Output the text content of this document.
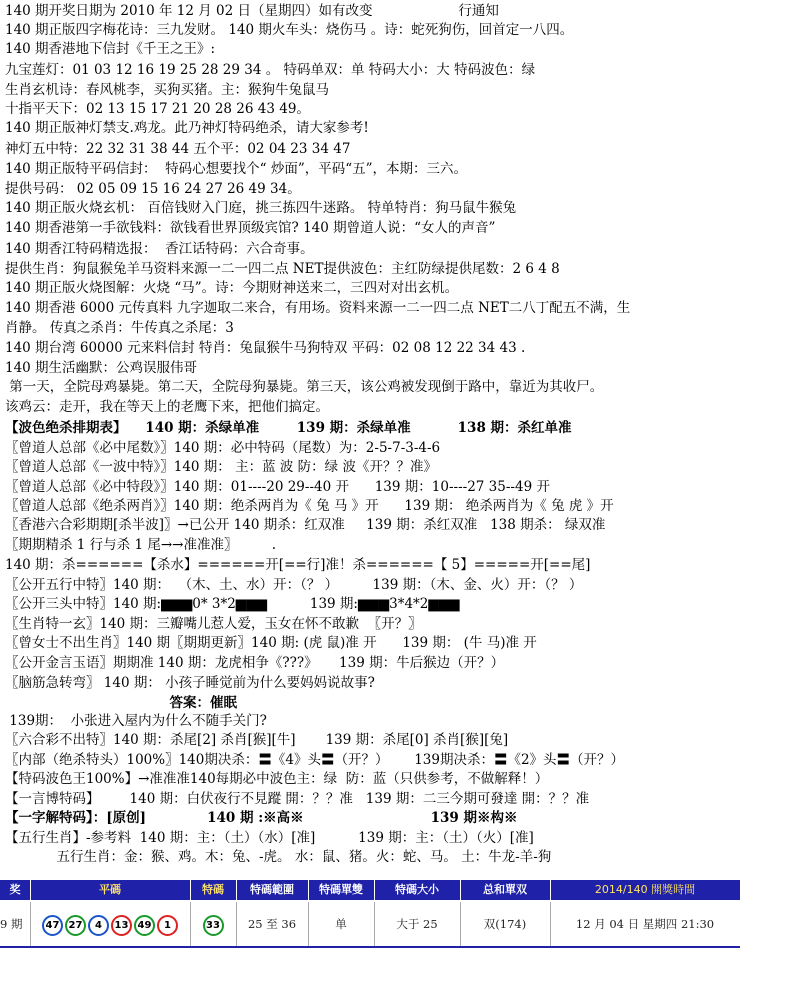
140 期开奖日期为 2010 年 12 月 02 日（星期四）如有改变                    行通知
140 期正版四字梅花诗：三九发财。 140 期火车头：烧伤马 。诗：蛇死狗伤，回首定一八四。
140 期香港地下信封《千王之王》:
九宝莲灯：01 03 12 16 19 25 28 29 34 。 特码单双：单 特码大小：大 特码波色：绿
生肖玄机诗：春风桃李，买狗买猪。主：猴狗牛兔鼠马
十指平天下：02 13 15 17 21 20 28 26 43 49。
140 期正版神灯禁支.鸡龙。此乃神灯特码绝杀，请大家参考!
神灯五中特：22 32 31 38 44 五个平：02 04 23 34 47
140 期正版特平码信封：  特码心想要找个“ 炒面”，平码“五”，本期：三六。
提供号码： 02 05 09 15 16 24 27 26 49 34。
140 期正版火烧玄机： 百倍钱财入门庭，挑三拣四牛迷路。 特单特肖：狗马鼠牛猴兔
140 期香港第一手欲钱料：欲钱看世界顶级宾馆? 140 期曾道人说：“女人的声音”
140 期香江特码精选报：  香江话特码：六合奇事。
提供生肖：狗鼠猴兔羊马资料来源一二一四二点 NET提供波色：主红防绿提供尾数：2 6 4 8
140 期正版火烧图解：火烧 “马”。诗：今期财神送来二，三四对对出玄机。
140 期香港 6000 元传真料 九字迦取二来合，有用场。资料来源一二一四二点 NET二八丁配五不满，生
肖静。 传真之杀肖：牛传真之杀尾：3
140 期台湾 60000 元来料信封 特肖：兔鼠猴牛马狗特双 平码：02 08 12 22 34 43 .
140 期生活幽默：公鸡误服伟哥
第一天，全院母鸡暴毙。第二天，全院母狗暴毙。第三天，该公鸡被发现倒于路中，靠近为其收尸。
该鸡云：走开，我在等天上的老鹰下来，把他们搞定。
【波色绝杀排期表】    140 期：杀绿单准        139 期：杀绿单准          138 期：杀红单准
〖曾道人总部《必中尾数》〗140 期：必中特码（尾数）为：2-5-7-3-4-6
〖曾道人总部《一波中特》〗140 期： 主：蓝 波 防：绿 波《开？？准》
〖曾道人总部《必中特段》〗140 期：01----20 29--40 开      139 期：10----27 35--49 开
〖曾道人总部《绝杀两肖》〗140 期：绝杀两肖为《 兔 马 》开      139 期： 绝杀两肖为《 兔 虎 》开
〖香港六合彩期期[杀半波]〗→已公开 140 期杀：红双准     139 期：杀红双准   138 期杀： 绿双准
〖期期精杀 1 行与杀 1 尾→→准准准〗        .
140 期：杀======【杀水】======开[==行]准！杀======【 5】=====开[==尾]
〖公开五行中特〗140 期：  （木、土、水）开：（？ ）        139 期：（木、金、火）开：（？ ）
〖公开三头中特〗140 期:▆▆▆0* 3*2▆▆▆          139 期:▆▆▆3*4*2▆▆▆
〖生肖特一玄〗140 期：三瓣嘴儿惹人爱，玉女在怀不敢歉  〖开？〗
〖曾女士不出生肖〗140 期〖期期更新〗140 期: (虎 鼠)准 开      139 期： (牛 马)准 开
〖公开金言玉语〗期期准 140 期：龙虎相争《???》     139 期：牛后猴边（开？）
〖脑筋急转弯〗 140 期： 小孩子睡觉前为什么要妈妈说故事?
答案：催眠
139期：  小张进入屋内为什么不随手关门?
〖六合彩不出特〗140 期：杀尾[2] 杀肖[猴][牛]       139 期：杀尾[0] 杀肖[猴][兔]
〖内部（绝杀特头）100%〗140期决杀：〓《4》头〓（开？）      139期决杀：〓《2》头〓（开？）
【特码波色王100%】→准准准140每期必中波色主：绿  防：蓝（只供参考，不做解释！）
【一言博特码】       140 期：白伏夜行不見蹤 開：？？准   139 期：二三今期可發達 開：？？准
【一字解特码】：[原创]             140 期 :※高※                           139 期※构※
【五行生肖】-参考料  140 期：主：（土）（水）[准]          139 期：主：（土）（火）[准]
五行生肖：金：猴、鸡。木：兔、-虎。 水：鼠、猪。火：蛇、马。 土：牛龙-羊-狗
奖	平碼	特碼	特碼範圍	特碼單雙	特碼大小	总和單双	2014/140 開獎時間
9 期	47 27 4 13 49 1	33	25 至 36	单	大于 25	双(174)	12 月 04 日 星期四 21:30
